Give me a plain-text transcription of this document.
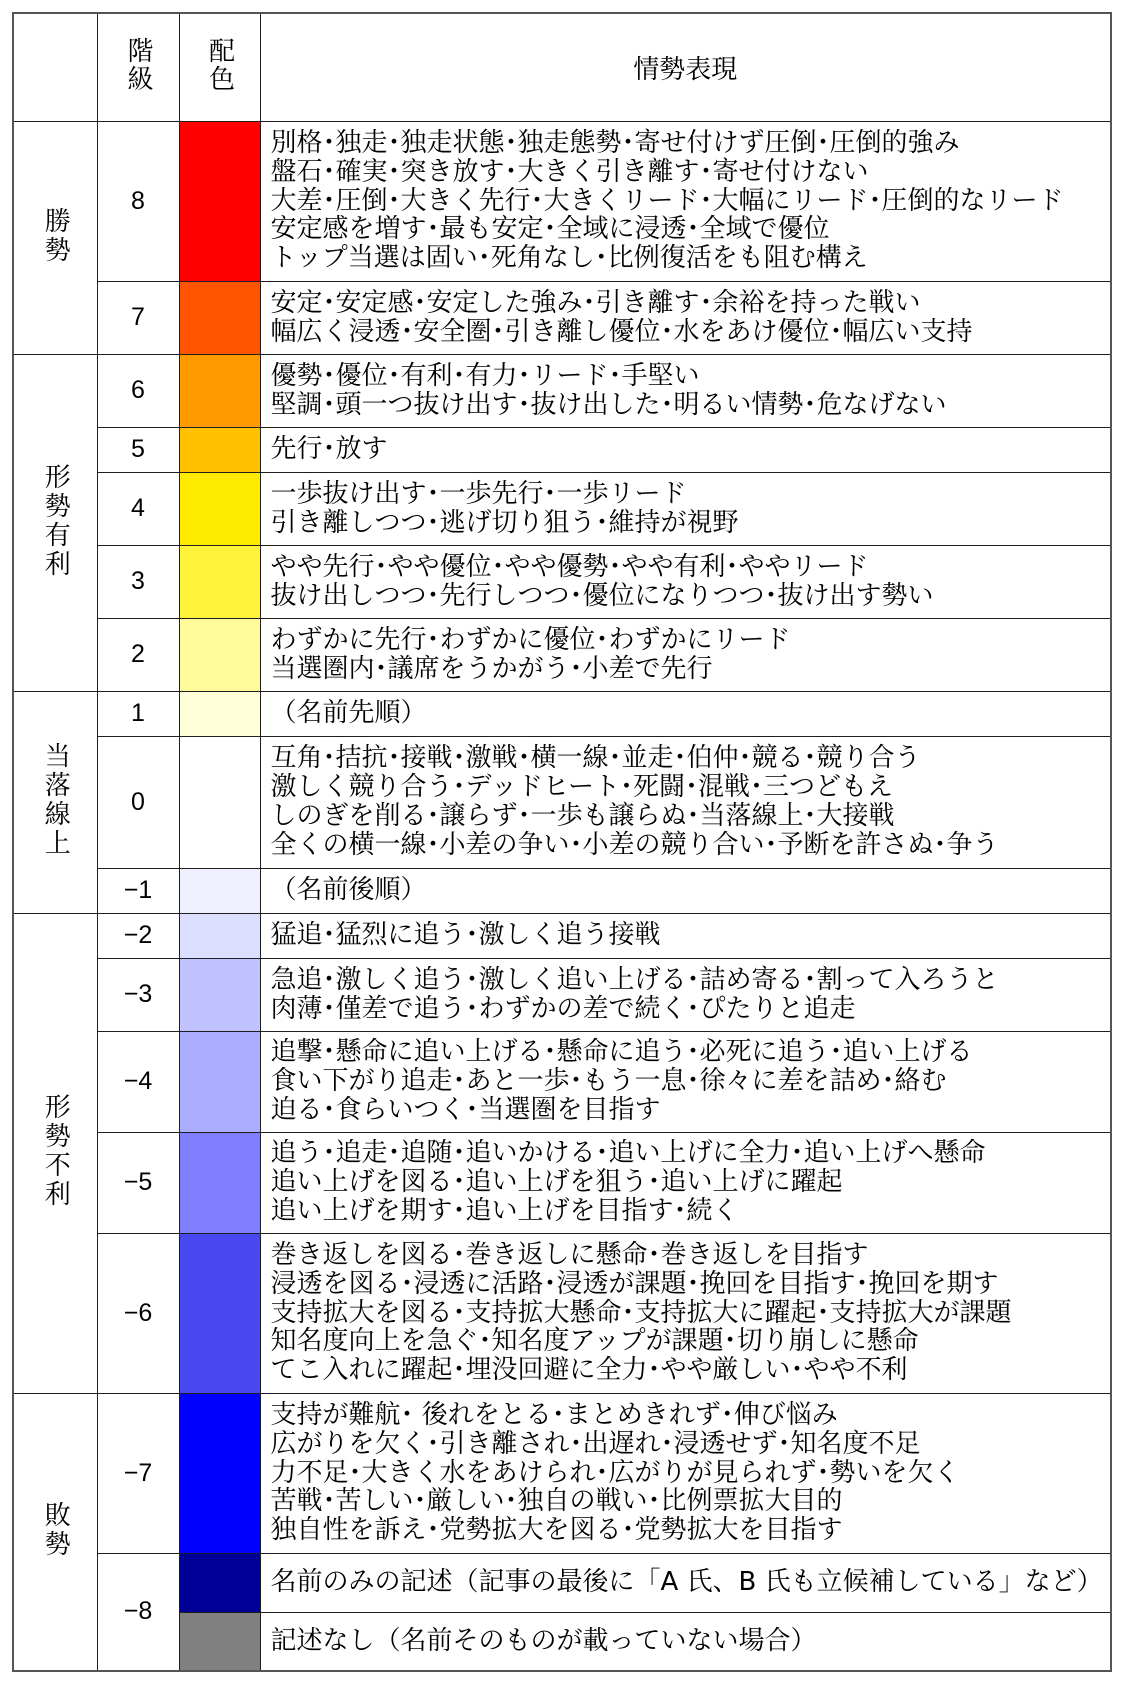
	階級	配色	情勢表現
勝勢	8		別格･独走･独走状態･独走態勢･寄せ付けず圧倒･圧倒的強み
盤石･確実･突き放す･大きく引き離す･寄せ付けない
大差･圧倒･大きく先行･大きくリード･大幅にリード･圧倒的なリード
安定感を増す･最も安定･全域に浸透･全域で優位
トップ当選は固い･死角なし･比例復活をも阻む構え

	7		安定･安定感･安定した強み･引き離す･余裕を持った戦い
幅広く浸透･安全圏･引き離し優位･水をあけ優位･幅広い支持

形勢有利	6		優勢･優位･有利･有力･リード･手堅い
堅調･頭一つ抜け出す･抜け出した･明るい情勢･危なげない

	5		先行･放す

	4		一歩抜け出す･一歩先行･一歩リード
引き離しつつ･逃げ切り狙う･維持が視野

	3		やや先行･やや優位･やや優勢･やや有利･ややリード
抜け出しつつ･先行しつつ･優位になりつつ･抜け出す勢い

	2		わずかに先行･わずかに優位･わずかにリード
当選圏内･議席をうかがう･小差で先行

当落線上	1		（名前先順）

	0		互角･拮抗･接戦･激戦･横一線･並走･伯仲･競る･競り合う
激しく競り合う･デッドヒート･死闘･混戦･三つどもえ
しのぎを削る･譲らず･一歩も譲らぬ･当落線上･大接戦
全くの横一線･小差の争い･小差の競り合い･予断を許さぬ･争う

	−1		（名前後順）

形勢不利	−2		猛追･猛烈に追う･激しく追う接戦

	−3		急追･激しく追う･激しく追い上げる･詰め寄る･割って入ろうと
肉薄･僅差で追う･わずかの差で続く･ぴたりと追走

	−4		追撃･懸命に追い上げる･懸命に追う･必死に追う･追い上げる
食い下がり追走･あと一歩･もう一息･徐々に差を詰め･絡む
迫る･食らいつく･当選圏を目指す

	−5		追う･追走･追随･追いかける･追い上げに全力･追い上げへ懸命
追い上げを図る･追い上げを狙う･追い上げに躍起
追い上げを期す･追い上げを目指す･続く

	−6		巻き返しを図る･巻き返しに懸命･巻き返しを目指す
浸透を図る･浸透に活路･浸透が課題･挽回を目指す･挽回を期す
支持拡大を図る･支持拡大懸命･支持拡大に躍起･支持拡大が課題
知名度向上を急ぐ･知名度アップが課題･切り崩しに懸命
てこ入れに躍起･埋没回避に全力･やや厳しい･やや不利

敗勢	−7		支持が難航･ 後れをとる･まとめきれず･伸び悩み
広がりを欠く･引き離され･出遅れ･浸透せず･知名度不足
力不足･大きく水をあけられ･広がりが見られず･勢いを欠く
苦戦･苦しい･厳しい･独自の戦い･比例票拡大目的
独自性を訴え･党勢拡大を図る･党勢拡大を目指す

	−8		名前のみの記述（記事の最後に「A 氏、B 氏も立候補している」など）

			記述なし（名前そのものが載っていない場合）
